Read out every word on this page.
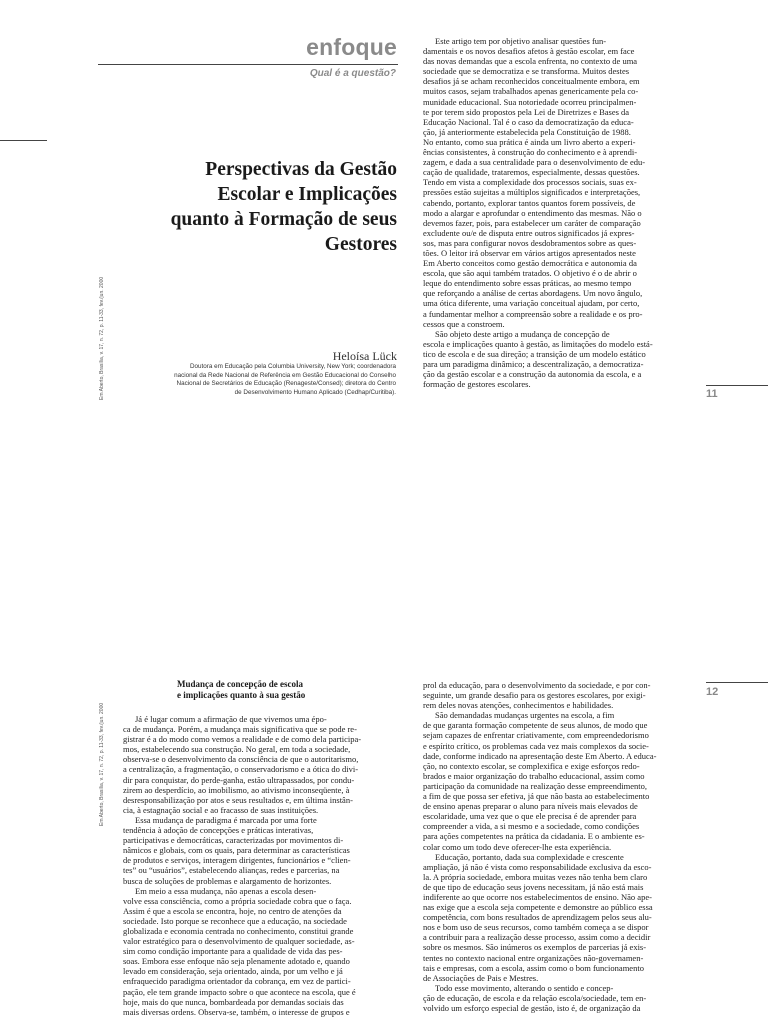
enfoque
Qual é a questão?
Perspectivas da Gestão
Escolar e Implicações
quanto à Formação de seus
Gestores
Heloísa Lück
Doutora em Educação pela Columbia University, New York; coordenadora
nacional da Rede Nacional de Referência em Gestão Educacional do Conselho
Nacional de Secretários de Educação (Renageste/Consed); diretora do Centro
de Desenvolvimento Humano Aplicado (Cedhap/Curitiba).
Em Aberto, Brasília, v. 17, n. 72, p. 11-33, fev./jun. 2000
Este artigo tem por objetivo analisar questões fun-
damentais e os novos desafios afetos à gestão escolar, em face
das novas demandas que a escola enfrenta, no contexto de uma
sociedade que se democratiza e se transforma. Muitos destes
desafios já se acham reconhecidos conceitualmente embora, em
muitos casos, sejam trabalhados apenas genericamente pela co-
munidade educacional. Sua notoriedade ocorreu principalmen-
te por terem sido propostos pela Lei de Diretrizes e Bases da
Educação Nacional. Tal é o caso da democratização da educa-
ção, já anteriormente estabelecida pela Constituição de 1988.
No entanto, como sua prática é ainda um livro aberto a experi-
ências consistentes, à construção do conhecimento e à aprendi-
zagem, e dada a sua centralidade para o desenvolvimento de edu-
cação de qualidade, trataremos, especialmente, dessas questões.
Tendo em vista a complexidade dos processos sociais, suas ex-
pressões estão sujeitas a múltiplos significados e interpretações,
cabendo, portanto, explorar tantos quantos forem possíveis, de
modo a alargar e aprofundar o entendimento das mesmas. Não o
devemos fazer, pois, para estabelecer um caráter de comparação
excludente ou/e de disputa entre outros significados já expres-
sos, mas para configurar novos desdobramentos sobre as ques-
tões. O leitor irá observar em vários artigos apresentados neste
Em Aberto conceitos como gestão democrática e autonomia da
escola, que são aqui também tratados. O objetivo é o de abrir o
leque do entendimento sobre essas práticas, ao mesmo tempo
que reforçando a análise de certas abordagens. Um novo ângulo,
uma ótica diferente, uma variação conceitual ajudam, por certo,
a fundamentar melhor a compreensão sobre a realidade e os pro-
cessos que a constroem.
São objeto deste artigo a mudança de concepção de
escola e implicações quanto à gestão, as limitações do modelo está-
tico de escola e de sua direção; a transição de um modelo estático
para um paradigma dinâmico; a descentralização, a democratiza-
ção da gestão escolar e a construção da autonomia da escola, e a
formação de gestores escolares.
11
Em Aberto, Brasília, v. 17, n. 72, p. 11-33, fev./jun. 2000
Mudança de concepção de escola
e implicações quanto à sua gestão
Já é lugar comum a afirmação de que vivemos uma épo-
ca de mudança. Porém, a mudança mais significativa que se pode re-
gistrar é a do modo como vemos a realidade e de como dela participa-
mos, estabelecendo sua construção. No geral, em toda a sociedade,
observa-se o desenvolvimento da consciência de que o autoritarismo,
a centralização, a fragmentação, o conservadorismo e a ótica do divi-
dir para conquistar, do perde-ganha, estão ultrapassados, por condu-
zirem ao desperdício, ao imobilismo, ao ativismo inconseqüente, à
desresponsabilização por atos e seus resultados e, em última instân-
cia, à estagnação social e ao fracasso de suas instituições.
Essa mudança de paradigma é marcada por uma forte
tendência à adoção de concepções e práticas interativas,
participativas e democráticas, caracterizadas por movimentos di-
nâmicos e globais, com os quais, para determinar as características
de produtos e serviços, interagem dirigentes, funcionários e “clien-
tes” ou “usuários”, estabelecendo alianças, redes e parcerias, na
busca de soluções de problemas e alargamento de horizontes.
Em meio a essa mudança, não apenas a escola desen-
volve essa consciência, como a própria sociedade cobra que o faça.
Assim é que a escola se encontra, hoje, no centro de atenções da
sociedade. Isto porque se reconhece que a educação, na sociedade
globalizada e economia centrada no conhecimento, constitui grande
valor estratégico para o desenvolvimento de qualquer sociedade, as-
sim como condição importante para a qualidade de vida das pes-
soas. Embora esse enfoque não seja plenamente adotado e, quando
levado em consideração, seja orientado, ainda, por um velho e já
enfraquecido paradigma orientador da cobrança, em vez de partici-
pação, ele tem grande impacto sobre o que acontece na escola, que é
hoje, mais do que nunca, bombardeada por demandas sociais das
mais diversas ordens. Observa-se, também, o interesse de grupos e
prol da educação, para o desenvolvimento da sociedade, e por con-
seguinte, um grande desafio para os gestores escolares, por exigi-
rem deles novas atenções, conhecimentos e habilidades.
São demandadas mudanças urgentes na escola, a fim
de que garanta formação competente de seus alunos, de modo que
sejam capazes de enfrentar criativamente, com empreendedorismo
e espírito crítico, os problemas cada vez mais complexos da socie-
dade, conforme indicado na apresentação deste Em Aberto. A educa-
ção, no contexto escolar, se complexifica e exige esforços redo-
brados e maior organização do trabalho educacional, assim como
participação da comunidade na realização desse empreendimento,
a fim de que possa ser efetiva, já que não basta ao estabelecimento
de ensino apenas preparar o aluno para níveis mais elevados de
escolaridade, uma vez que o que ele precisa é de aprender para
compreender a vida, a si mesmo e a sociedade, como condições
para ações competentes na prática da cidadania. E o ambiente es-
colar como um todo deve oferecer-lhe esta experiência.
Educação, portanto, dada sua complexidade e crescente
ampliação, já não é vista como responsabilidade exclusiva da esco-
la. A própria sociedade, embora muitas vezes não tenha bem claro
de que tipo de educação seus jovens necessitam, já não está mais
indiferente ao que ocorre nos estabelecimentos de ensino. Não ape-
nas exige que a escola seja competente e demonstre ao público essa
competência, com bons resultados de aprendizagem pelos seus alu-
nos e bom uso de seus recursos, como também começa a se dispor
a contribuir para a realização desse processo, assim como a decidir
sobre os mesmos. São inúmeros os exemplos de parcerias já exis-
tentes no contexto nacional entre organizações não-governamen-
tais e empresas, com a escola, assim como o bom funcionamento
de Associações de Pais e Mestres.
Todo esse movimento, alterando o sentido e concep-
ção de educação, de escola e da relação escola/sociedade, tem en-
volvido um esforço especial de gestão, isto é, de organização da
12
